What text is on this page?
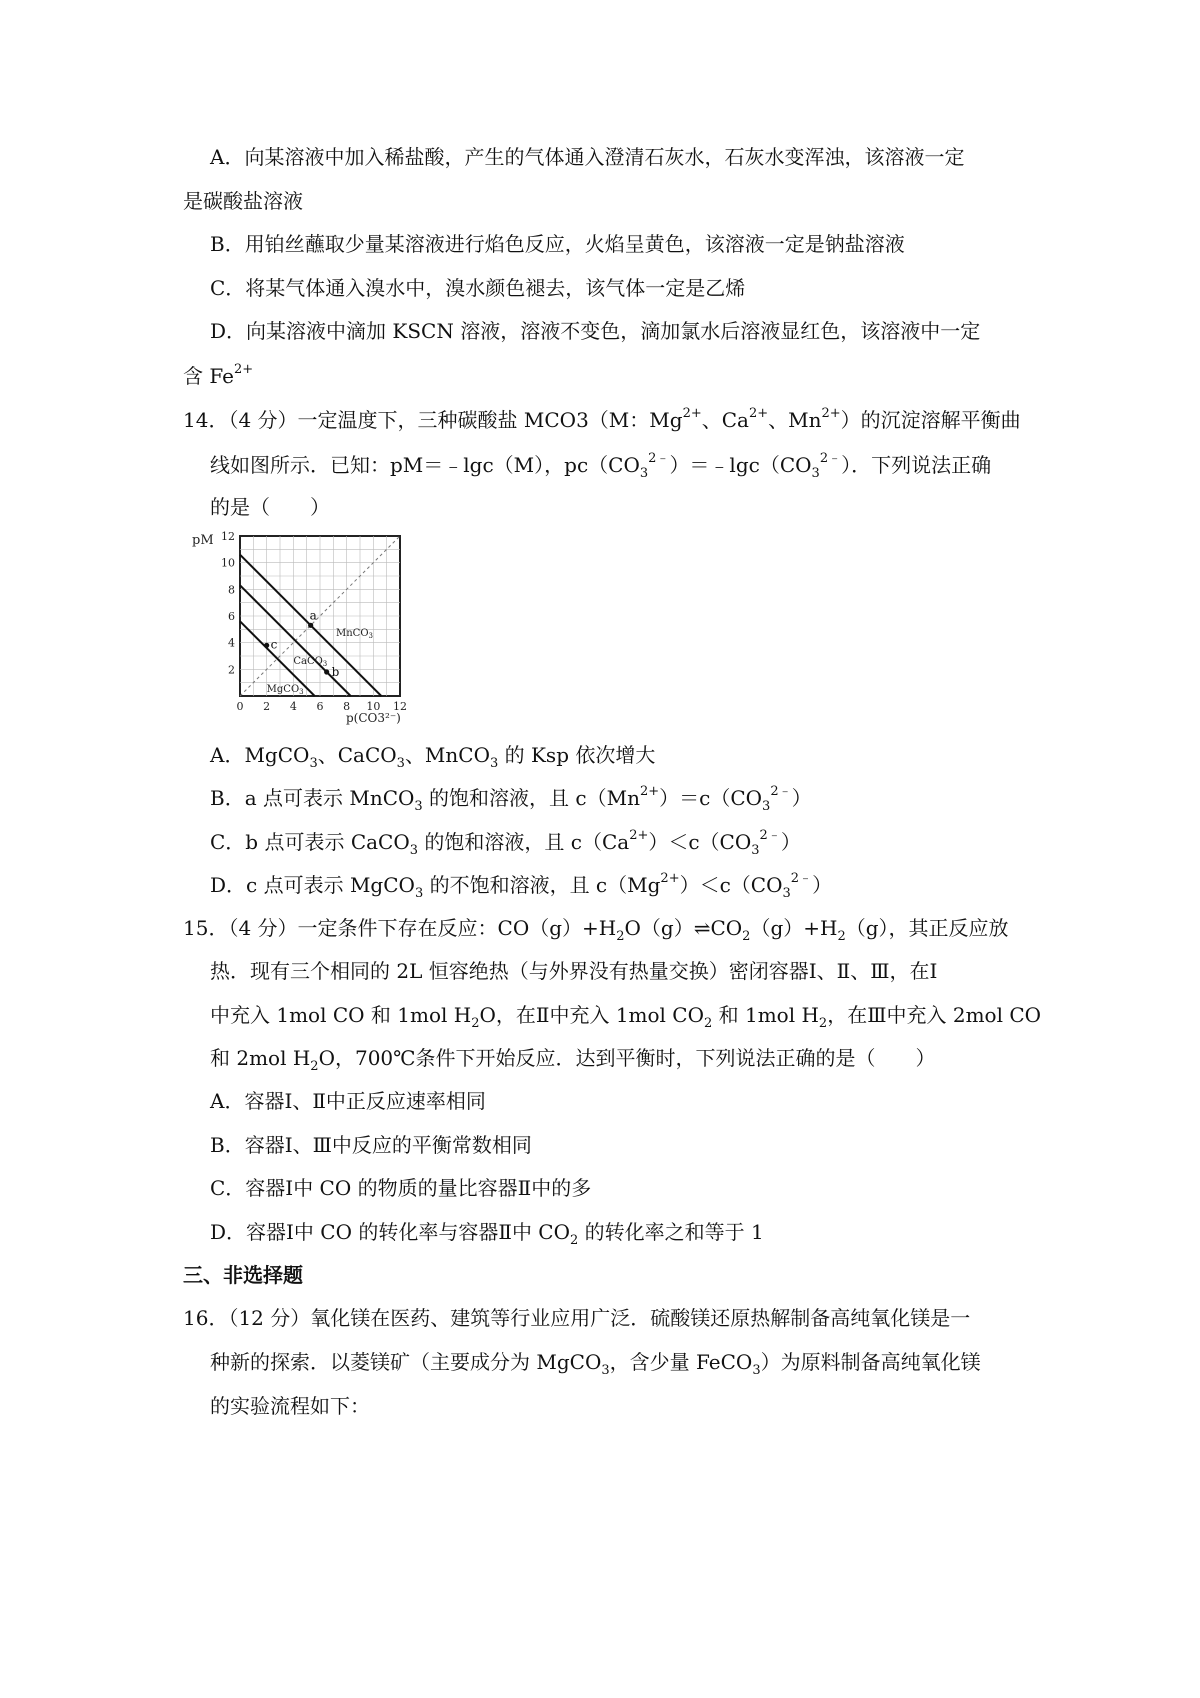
A．向某溶液中加入稀盐酸，产生的气体通入澄清石灰水，石灰水变浑浊，该溶液一定
是碳酸盐溶液
B．用铂丝蘸取少量某溶液进行焰色反应，火焰呈黄色，该溶液一定是钠盐溶液
C．将某气体通入溴水中，溴水颜色褪去，该气体一定是乙烯
D．向某溶液中滴加 KSCN 溶液，溶液不变色，滴加氯水后溶液显红色，该溶液中一定
含 $Fe^{2+}$
14．（4 分）一定温度下，三种碳酸盐 MCO3（M：$Mg^{2+}$、$Ca^{2+}$、$Mn^{2+}$）的沉淀溶解平衡曲
线如图所示．已知：pM＝﹣lgc（M），$pc(CO_3^{2﹣})=﹣\lg c(CO_3^{2﹣})$．下列说法正确
的是（　　）
MgCO$_3$
CaCO$_3$
MnCO$_3$
a
b
c
0 2 4 6 8 10 12
2
4
6
8
10
12
pM
p(CO3²⁻)
A．MgCO$_3$、CaCO$_3$、MnCO$_3$ 的 Ksp 依次增大
B．a 点可表示 MnCO$_3$ 的饱和溶液，且 $c(Mn^{2+})=c(CO_3^{2﹣})$
C．b 点可表示 CaCO$_3$ 的饱和溶液，且 $c(Ca^{2+})<c(CO_3^{2﹣})$
D．c 点可表示 MgCO$_3$ 的不饱和溶液，且 $c(Mg^{2+})<c(CO_3^{2﹣})$
15．（4 分）一定条件下存在反应：$CO(g)+H_2O(g)\rightleftharpoons CO_2(g)+H_2(g)$，其正反应放
热．现有三个相同的 2L 恒容绝热（与外界没有热量交换）密闭容器Ⅰ、Ⅱ、Ⅲ，在Ⅰ
中充入 1mol CO 和 1mol $H_2O$，在Ⅱ中充入 1mol $CO_2$ 和 1mol $H_2$，在Ⅲ中充入 2mol CO
和 2mol $H_2O$，700℃条件下开始反应．达到平衡时，下列说法正确的是（　　）
A．容器Ⅰ、Ⅱ中正反应速率相同
B．容器Ⅰ、Ⅲ中反应的平衡常数相同
C．容器Ⅰ中 CO 的物质的量比容器Ⅱ中的多
D．容器Ⅰ中 CO 的转化率与容器Ⅱ中 $CO_2$ 的转化率之和等于 1
三、非选择题
16．（12 分）氧化镁在医药、建筑等行业应用广泛．硫酸镁还原热解制备高纯氧化镁是一
种新的探索．以菱镁矿（主要成分为 MgCO$_3$，含少量 FeCO$_3$）为原料制备高纯氧化镁
的实验流程如下：
